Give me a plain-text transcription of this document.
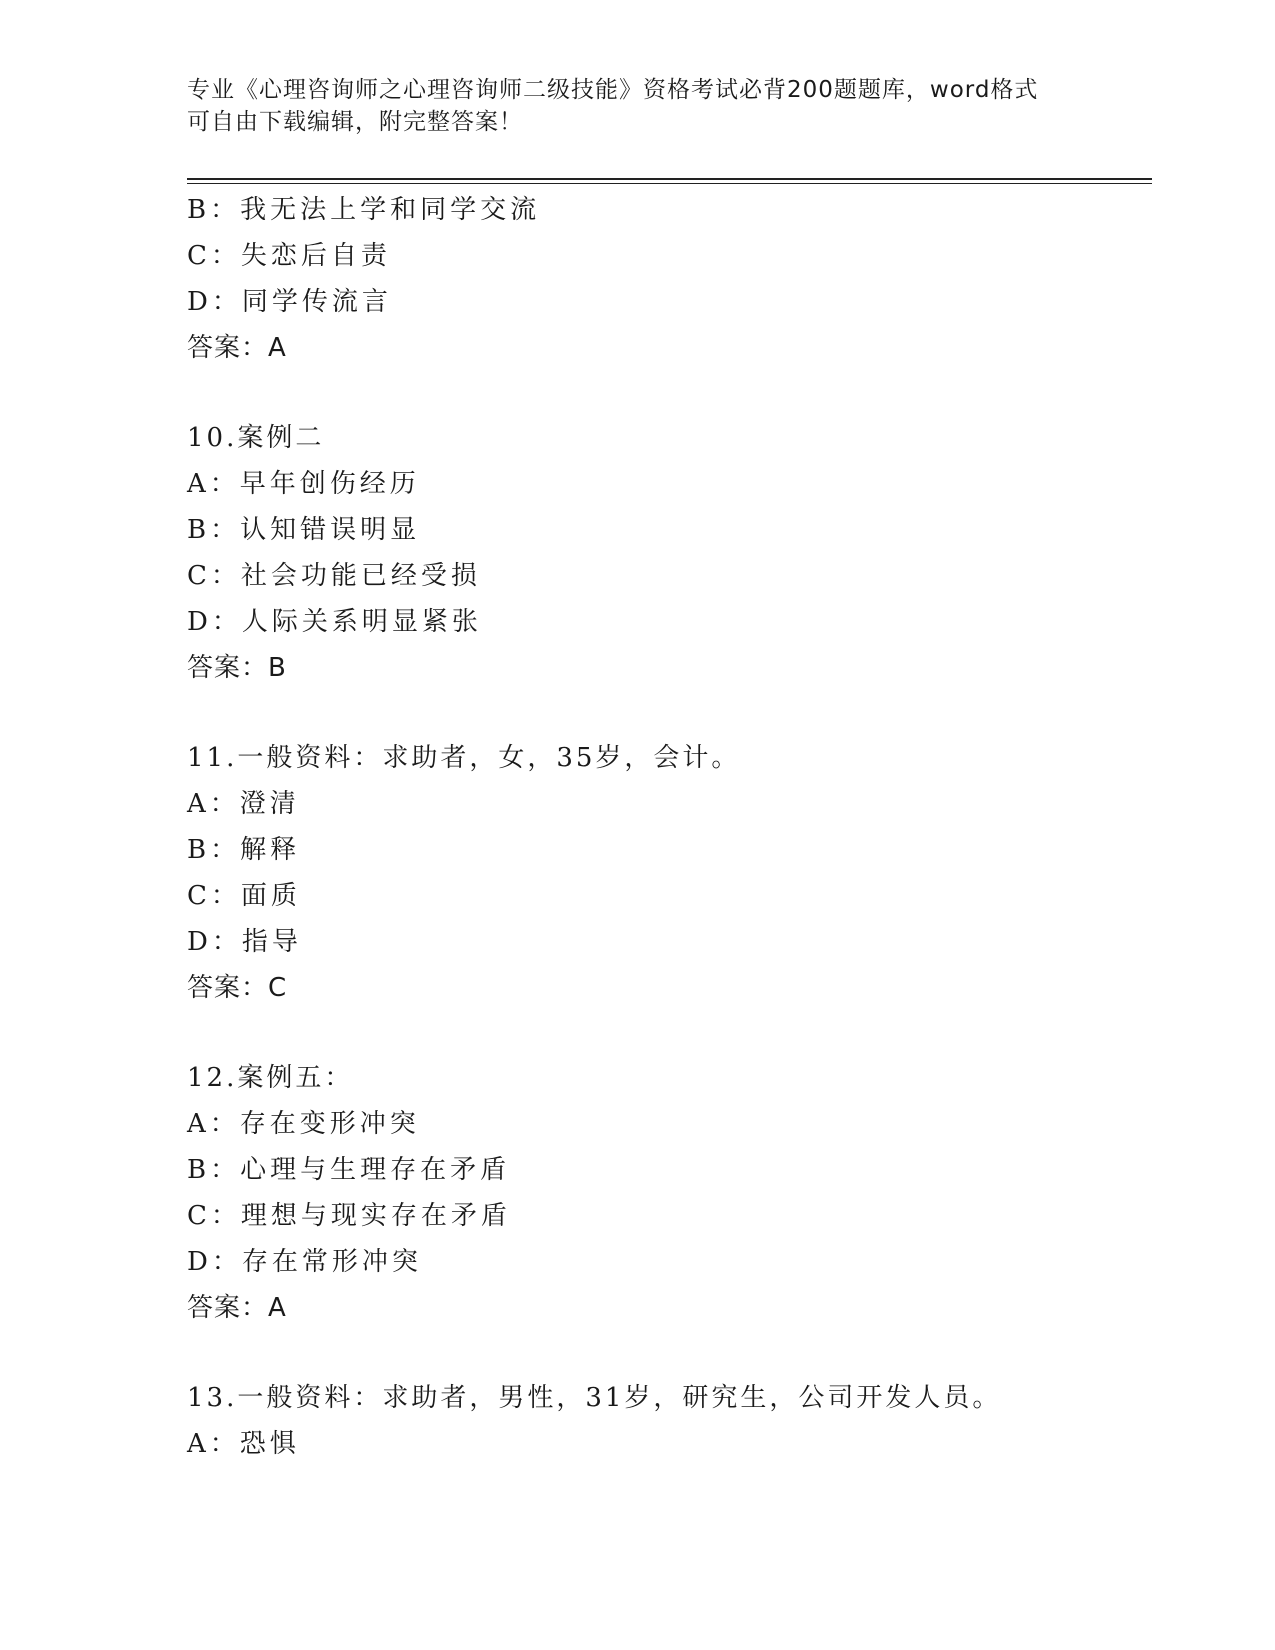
专业《心理咨询师之心理咨询师二级技能》资格考试必背200题题库，word格式
可自由下载编辑，附完整答案！
B：我无法上学和同学交流
C：失恋后自责
D：同学传流言
答案：A
10.案例二
A：早年创伤经历
B：认知错误明显
C：社会功能已经受损
D：人际关系明显紧张
答案：B
11.一般资料：求助者，女，35岁，会计。
A：澄清
B：解释
C：面质
D：指导
答案：C
12.案例五：
A：存在变形冲突
B：心理与生理存在矛盾
C：理想与现实存在矛盾
D：存在常形冲突
答案：A
13.一般资料：求助者，男性，31岁，研究生，公司开发人员。
A：恐惧
